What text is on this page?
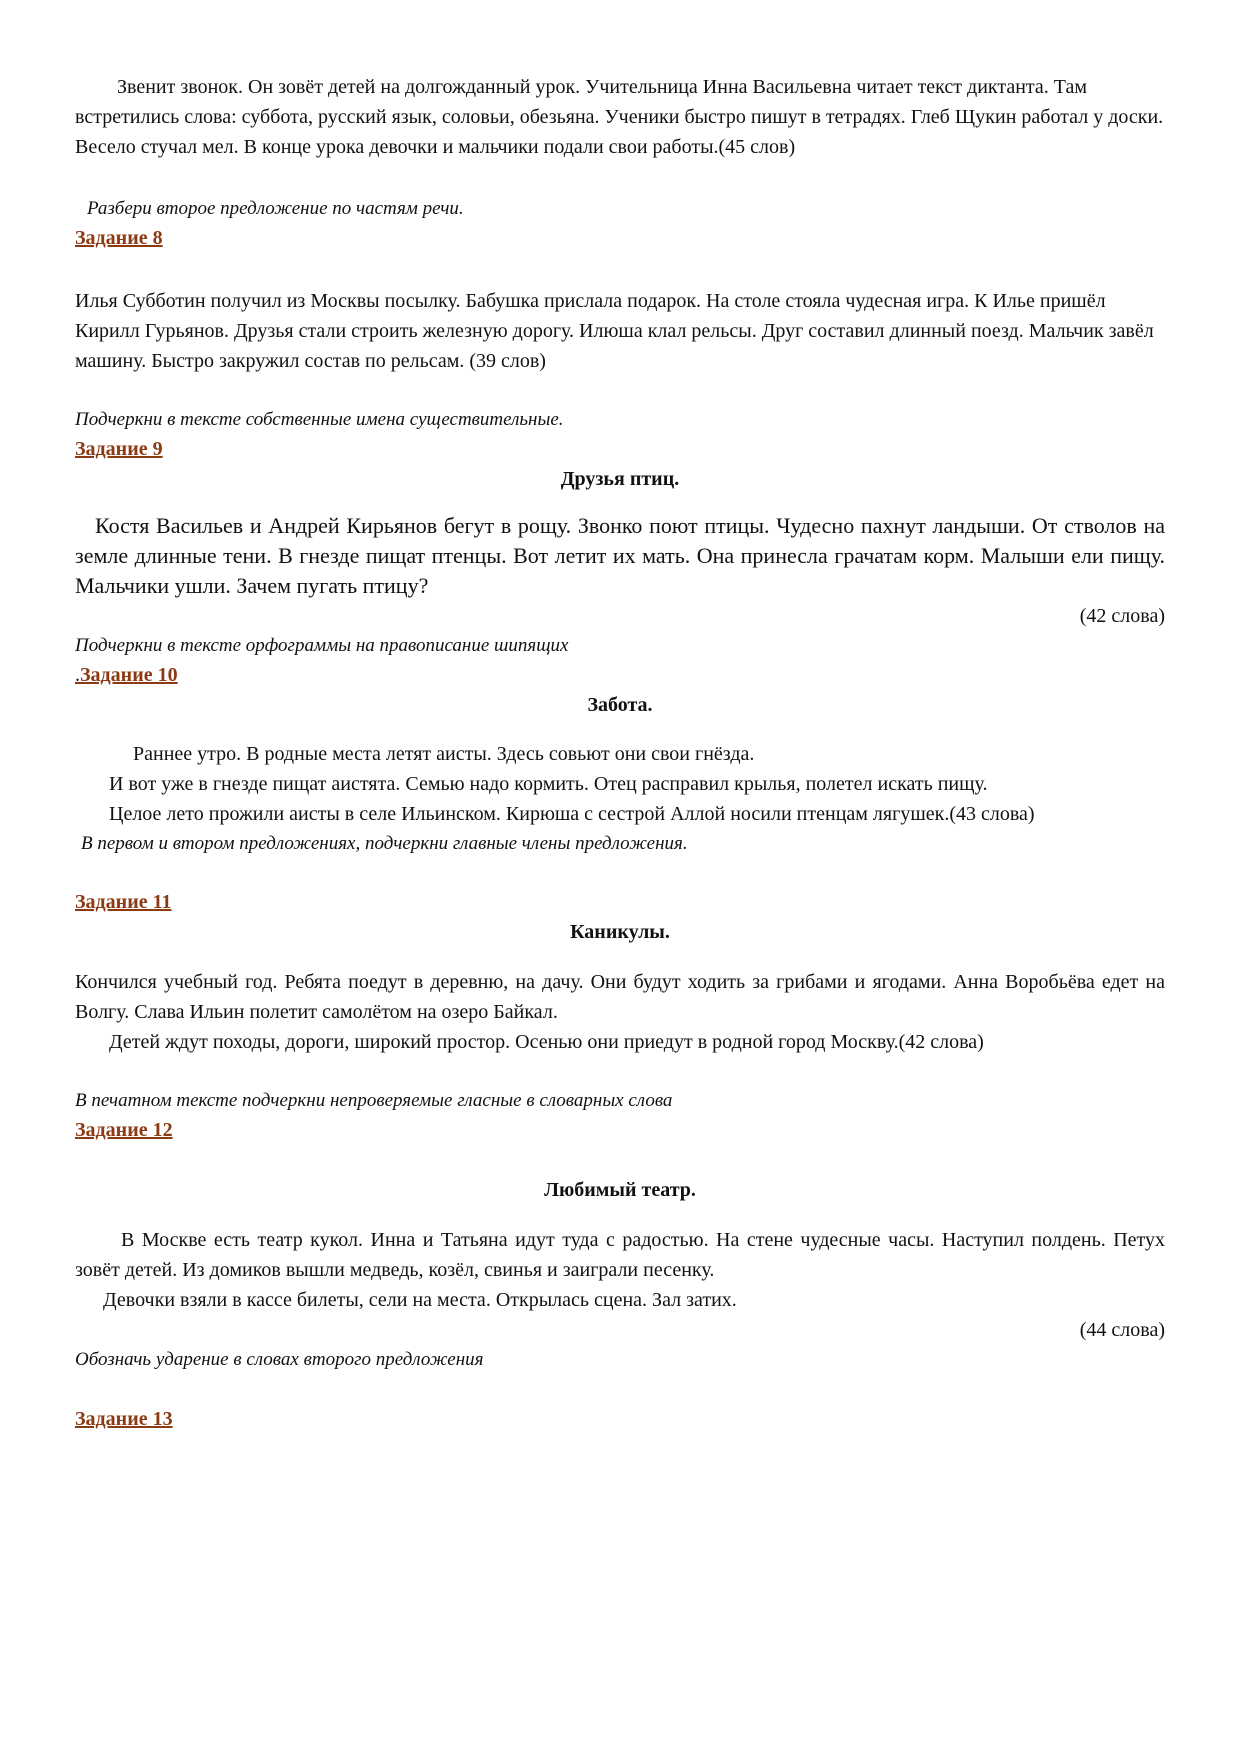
Звенит звонок. Он зовёт детей на долгожданный урок. Учительница Инна Васильевна читает текст диктанта. Там встретились слова: суббота, русский язык, соловьи, обезьяна. Ученики быстро пишут в тетрадях. Глеб Щукин работал у доски. Весело стучал мел. В конце урока девочки и мальчики подали свои работы.(45 слов)

Разбери второе предложение по частям речи.

Задание 8

Илья Субботин получил из Москвы посылку. Бабушка прислала подарок. На столе стояла чудесная игра. К Илье пришёл Кирилл Гурьянов. Друзья стали строить железную дорогу. Илюша клал рельсы. Друг составил длинный поезд. Мальчик завёл машину. Быстро закружил состав по рельсам. (39 слов)

Подчеркни в тексте собственные имена существительные.

Задание 9

Друзья птиц.

Костя Васильев и Андрей Кирьянов бегут в рощу. Звонко поют птицы. Чудесно пахнут ландыши. От стволов на земле длинные тени. В гнезде пищат птенцы. Вот летит их мать. Она принесла грачатам корм. Малыши ели пищу. Мальчики ушли. Зачем пугать птицу?

(42 слова)

Подчеркни в тексте орфограммы на правописание шипящих

.Задание 10

Забота.

Раннее утро. В родные места летят аисты. Здесь совьют они свои гнёзда.

И вот уже в гнезде пищат аистята. Семью надо кормить. Отец расправил крылья, полетел искать пищу.

Целое лето прожили аисты в селе Ильинском. Кирюша с сестрой Аллой носили птенцам лягушек.(43 слова)

В первом и втором предложениях, подчеркни главные члены предложения.

Задание 11

Каникулы.

Кончился учебный год. Ребята поедут в деревню, на дачу. Они будут ходить за грибами и ягодами. Анна Воробьёва едет на Волгу. Слава Ильин полетит самолётом на озеро Байкал.

Детей ждут походы, дороги, широкий простор. Осенью они приедут в родной город Москву.(42 слова)

В печатном тексте подчеркни непроверяемые гласные в словарных слова

Задание 12

Любимый театр.

В Москве есть театр кукол. Инна и Татьяна идут туда с радостью. На стене чудесные часы. Наступил полдень. Петух зовёт детей. Из домиков вышли медведь, козёл, свинья и заиграли песенку.

Девочки взяли в кассе билеты, сели на места. Открылась сцена. Зал затих.

(44 слова)

Обозначь ударение в словах второго предложения

Задание 13
